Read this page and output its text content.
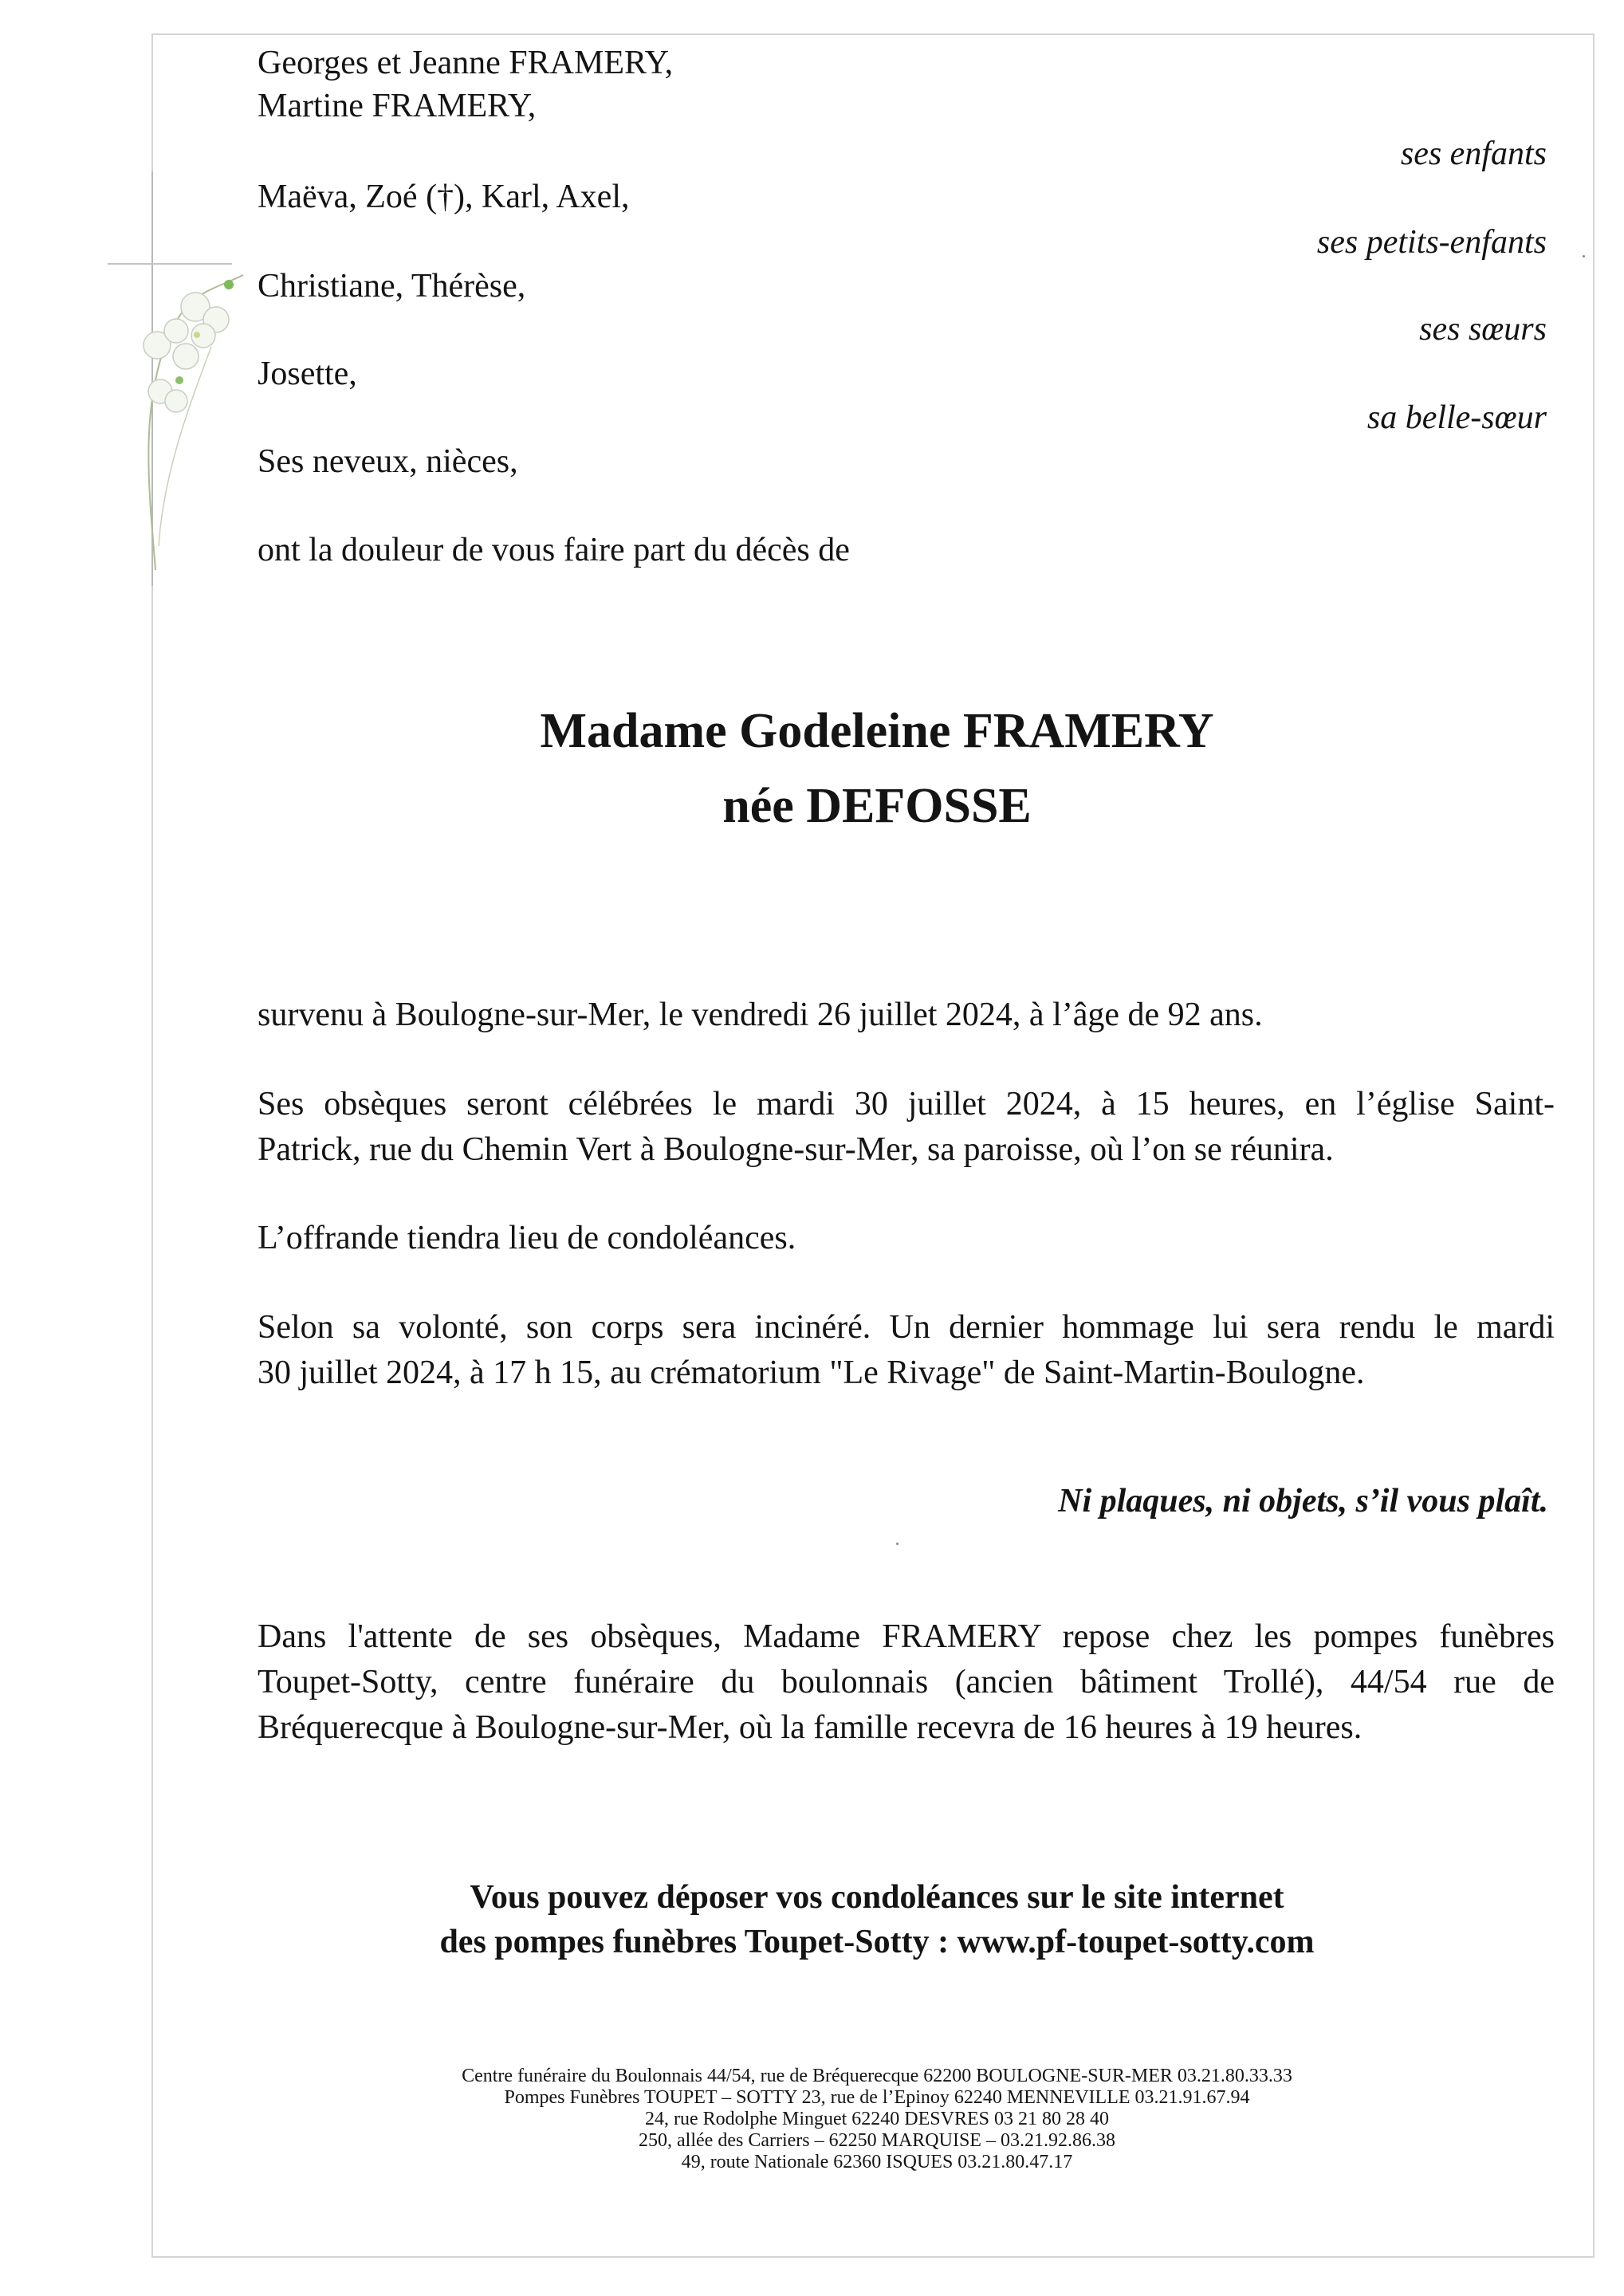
Georges et Jeanne FRAMERY,
Martine FRAMERY,
ses enfants
Maëva, Zoé (†), Karl, Axel,
ses petits-enfants
Christiane, Thérèse,
ses sœurs
Josette,
sa belle-sœur
Ses neveux, nièces,
ont la douleur de vous faire part du décès de
Madame Godeleine FRAMERY
née DEFOSSE
survenu à Boulogne-sur-Mer, le vendredi 26 juillet 2024, à l’âge de 92 ans.
Ses obsèques seront célébrées le mardi 30 juillet 2024, à 15 heures, en l’église Saint-
Patrick, rue du Chemin Vert à Boulogne-sur-Mer, sa paroisse, où l’on se réunira.
L’offrande tiendra lieu de condoléances.
Selon sa volonté, son corps sera incinéré. Un dernier hommage lui sera rendu le mardi
30 juillet 2024, à 17 h 15, au crématorium "Le Rivage" de Saint-Martin-Boulogne.
Ni plaques, ni objets, s’il vous plaît.
Dans l'attente de ses obsèques, Madame FRAMERY repose chez les pompes funèbres
Toupet-Sotty, centre funéraire du boulonnais (ancien bâtiment Trollé), 44/54 rue de
Bréquerecque à Boulogne-sur-Mer, où la famille recevra de 16 heures à 19 heures.
Vous pouvez déposer vos condoléances sur le site internet
des pompes funèbres Toupet-Sotty : www.pf-toupet-sotty.com
Centre funéraire du Boulonnais 44/54, rue de Bréquerecque 62200 BOULOGNE-SUR-MER 03.21.80.33.33
Pompes Funèbres TOUPET – SOTTY 23, rue de l’Epinoy 62240 MENNEVILLE 03.21.91.67.94
24, rue Rodolphe Minguet 62240 DESVRES 03 21 80 28 40
250, allée des Carriers – 62250 MARQUISE – 03.21.92.86.38
49, route Nationale 62360 ISQUES 03.21.80.47.17
